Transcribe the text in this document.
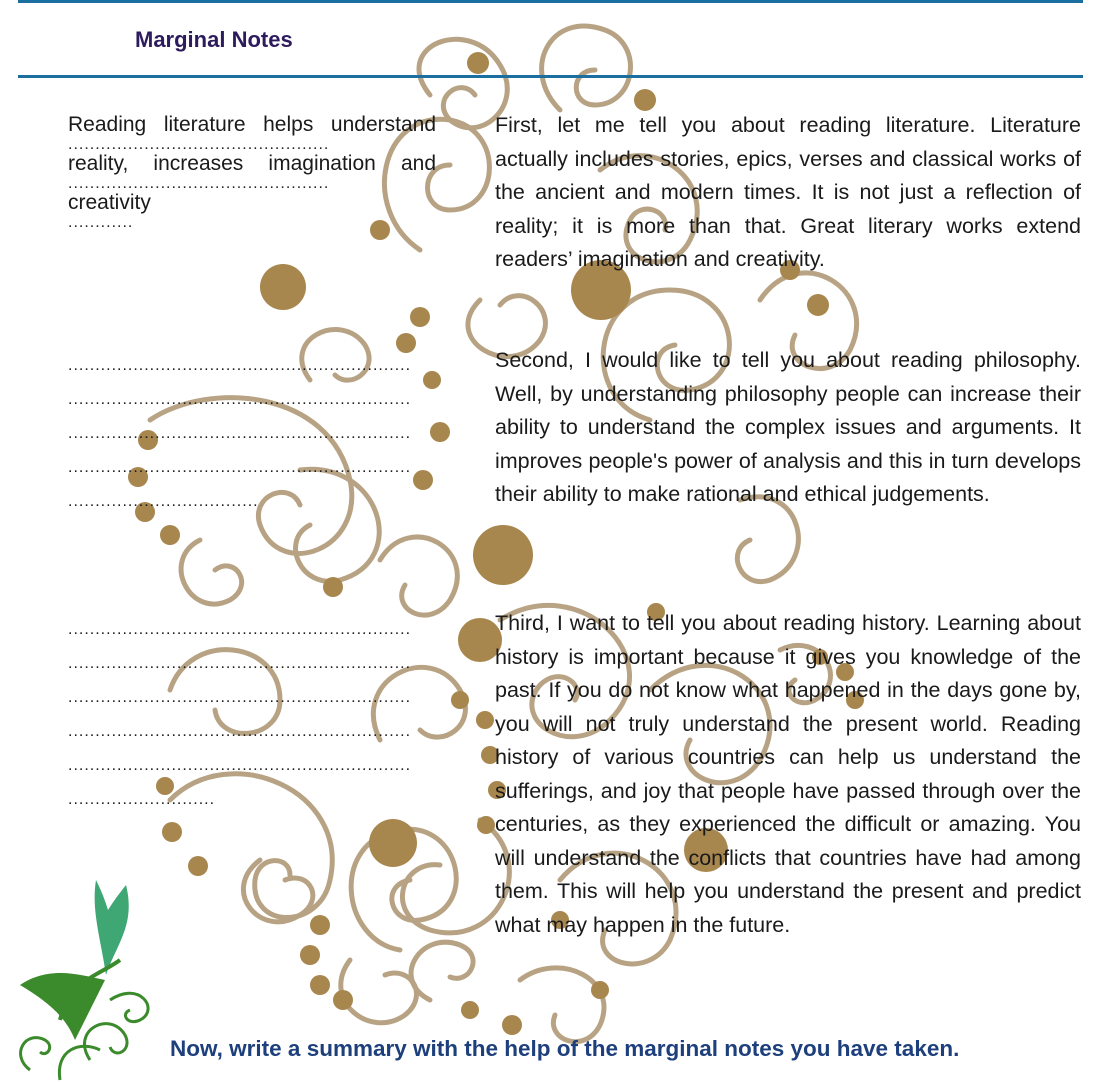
Marginal Notes
Reading literature helps understand
................................................
reality, increases imagination and
................................................
creativity
............
...............................................................
...............................................................
...............................................................
...............................................................
...................................
...............................................................
...............................................................
...............................................................
...............................................................
...............................................................
...........................

First, let me tell you about reading literature. Literature actually includes stories, epics, verses and classical works of the ancient and modern times. It is not just a reflection of reality; it is more than that. Great literary works extend readers’ imagination and creativity.

Second, I would like to tell you about reading philosophy. Well, by understanding philosophy people can increase their ability to understand the complex issues and arguments. It improves people's power of analysis and this in turn develops their ability to make rational and ethical judgements.

Third, I want to tell you about reading history. Learning about history is important because it gives you knowledge of the past. If you do not know what happened in the days gone by, you will not truly understand the present world. Reading history of various countries can help us understand the sufferings, and joy that people have passed through over the centuries, as they experienced the difficult or amazing. You will understand the conflicts that countries have had among them. This will help you understand the present and predict what may happen in the future.

Now, write a summary with the help of the marginal notes you have taken.
